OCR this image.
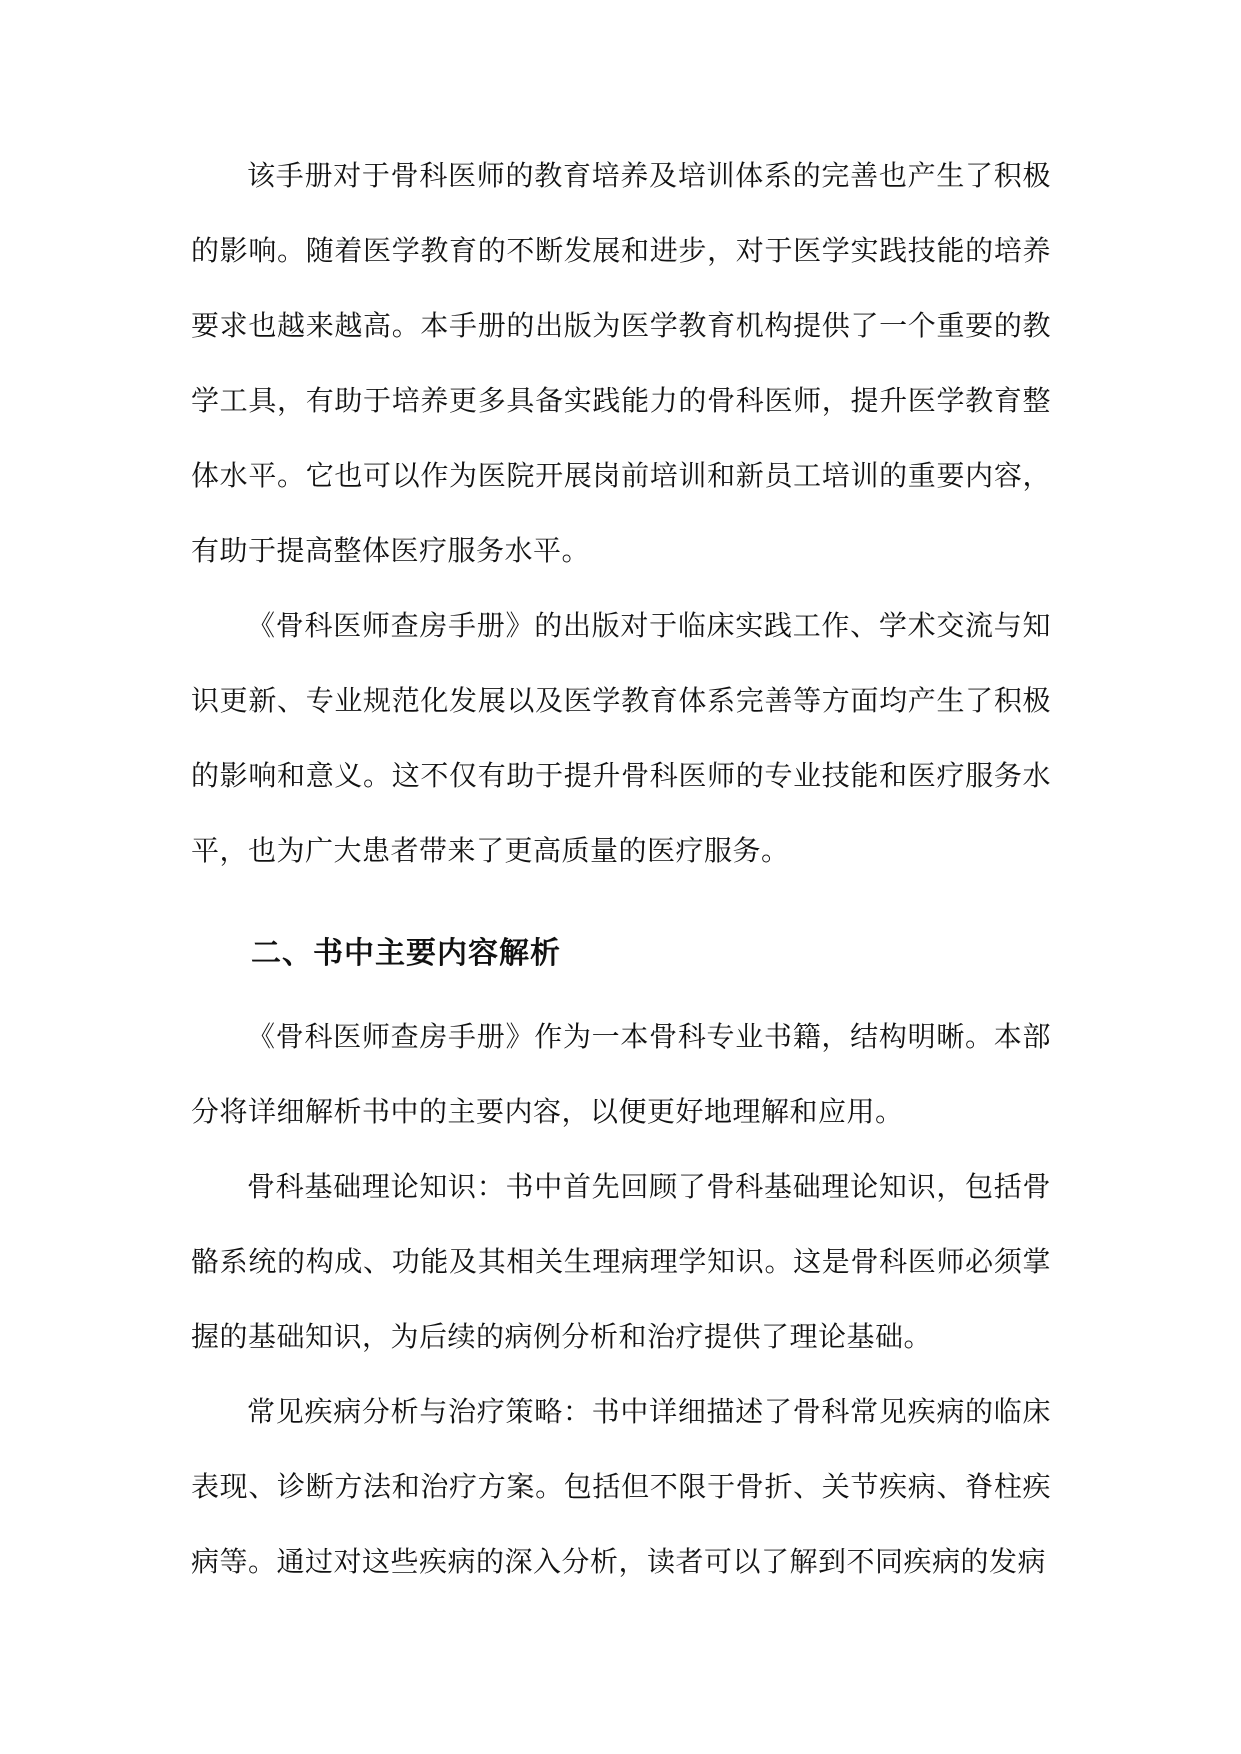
该手册对于骨科医师的教育培养及培训体系的完善也产生了积极的影响。随着医学教育的不断发展和进步，对于医学实践技能的培养要求也越来越高。本手册的出版为医学教育机构提供了一个重要的教学工具，有助于培养更多具备实践能力的骨科医师，提升医学教育整体水平。它也可以作为医院开展岗前培训和新员工培训的重要内容，有助于提高整体医疗服务水平。

《骨科医师查房手册》的出版对于临床实践工作、学术交流与知识更新、专业规范化发展以及医学教育体系完善等方面均产生了积极的影响和意义。这不仅有助于提升骨科医师的专业技能和医疗服务水平，也为广大患者带来了更高质量的医疗服务。

二、书中主要内容解析

《骨科医师查房手册》作为一本骨科专业书籍，结构明晰。本部分将详细解析书中的主要内容，以便更好地理解和应用。

骨科基础理论知识：书中首先回顾了骨科基础理论知识，包括骨骼系统的构成、功能及其相关生理病理学知识。这是骨科医师必须掌握的基础知识，为后续的病例分析和治疗提供了理论基础。

常见疾病分析与治疗策略：书中详细描述了骨科常见疾病的临床表现、诊断方法和治疗方案。包括但不限于骨折、关节疾病、脊柱疾病等。通过对这些疾病的深入分析，读者可以了解到不同疾病的发病
